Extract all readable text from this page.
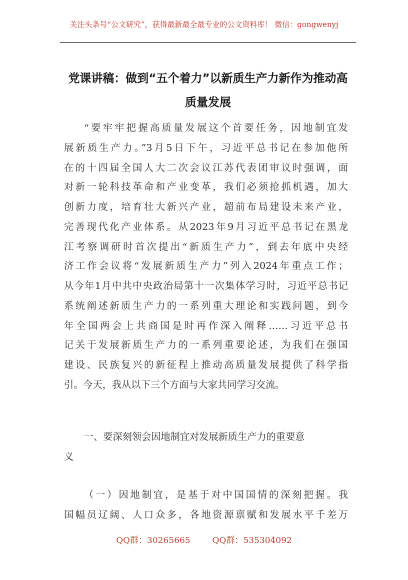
关注头条号“公文研究”，获得最新最全最专业的公文资料库！ 微信：gongwenyj
党课讲稿：做到“五个着力”以新质生产力新作为推动高
质量发展
“要牢牢把握高质量发展这个首要任务，因地制宜发
展新质生产力。”3月5日下午，习近平总书记在参加他所
在的十四届全国人大二次会议江苏代表团审议时强调，面
对新一轮科技革命和产业变革，我们必须抢抓机遇，加大
创新力度，培育壮大新兴产业，超前布局建设未来产业，
完善现代化产业体系。从2023年9月习近平总书记在黑龙
江考察调研时首次提出“新质生产力”，到去年底中央经
济工作会议将“发展新质生产力”列入2024年重点工作；
从今年1月中共中央政治局第十一次集体学习时，习近平总书记
系统阐述新质生产力的一系列重大理论和实践问题，到今
年全国两会上共商国是时再作深入阐释……习近平总书
记关于发展新质生产力的一系列重要论述，为我们在强国
建设、民族复兴的新征程上推动高质量发展提供了科学指
引。今天，我从以下三个方面与大家共同学习交流。
一、要深刻领会因地制宜对发展新质生产力的重要意
义
（一）因地制宜，是基于对中国国情的深刻把握。我
国幅员辽阔、人口众多，各地资源禀赋和发展水平千差万
QQ群：30265665	QQ群：535304092
